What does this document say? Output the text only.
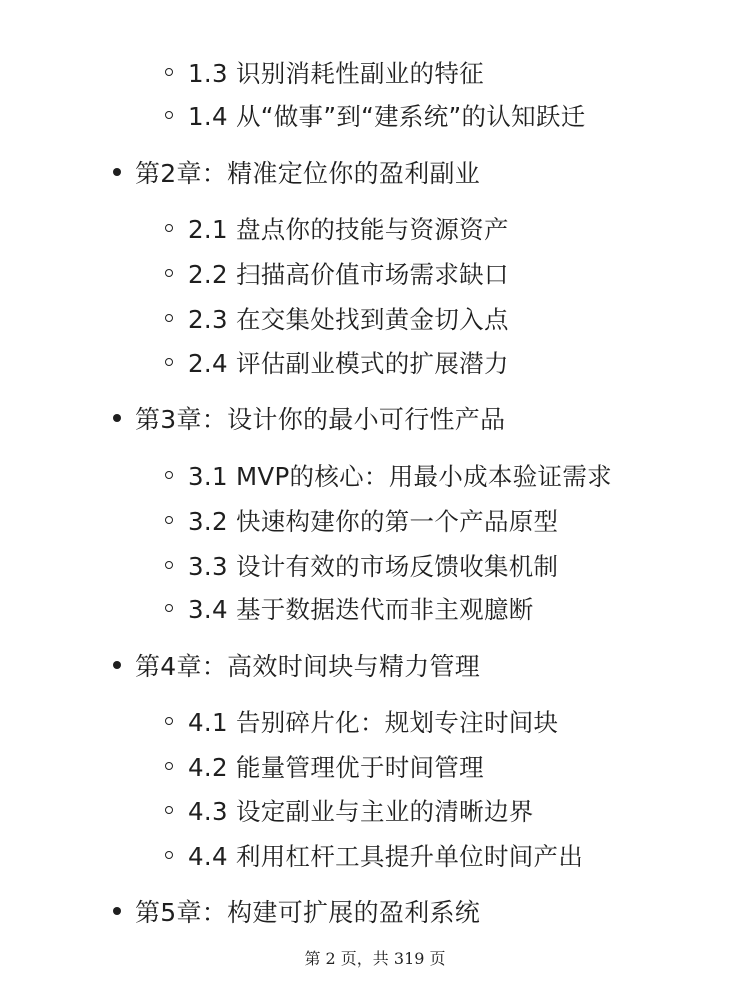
1.3 识别消耗性副业的特征
1.4 从“做事”到“建系统”的认知跃迁
第2章：精准定位你的盈利副业
2.1 盘点你的技能与资源资产
2.2 扫描高价值市场需求缺口
2.3 在交集处找到黄金切入点
2.4 评估副业模式的扩展潜力
第3章：设计你的最小可行性产品
3.1 MVP的核心：用最小成本验证需求
3.2 快速构建你的第一个产品原型
3.3 设计有效的市场反馈收集机制
3.4 基于数据迭代而非主观臆断
第4章：高效时间块与精力管理
4.1 告别碎片化：规划专注时间块
4.2 能量管理优于时间管理
4.3 设定副业与主业的清晰边界
4.4 利用杠杆工具提升单位时间产出
第5章：构建可扩展的盈利系统
第 2 页，共 319 页
